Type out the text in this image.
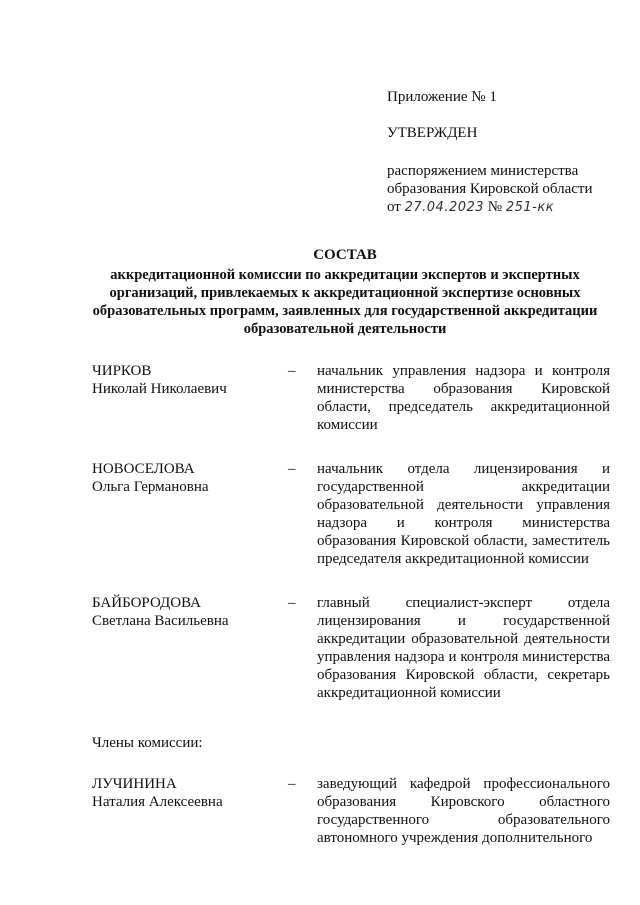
Приложение № 1
УТВЕРЖДЕН
распоряжением министерства
образования Кировской области
от 27.04.2023 № 251-кк
СОСТАВ
аккредитационной комиссии по аккредитации экспертов и экспертных организаций, привлекаемых к аккредитационной экспертизе основных образовательных программ, заявленных для государственной аккредитации образовательной деятельности
ЧИРКОВ
Николай Николаевич
–	начальник управления надзора и контроля министерства образования Кировской области, председатель аккредитационной комиссии
НОВОСЕЛОВА
Ольга Германовна
–	начальник отдела лицензирования и государственной аккредитации образовательной деятельности управления надзора и контроля министерства образования Кировской области, заместитель председателя аккредитационной комиссии
БАЙБОРОДОВА
Светлана Васильевна
–	главный специалист-эксперт отдела лицензирования и государственной аккредитации образовательной деятельности управления надзора и контроля министерства образования Кировской области, секретарь аккредитационной комиссии
Члены комиссии:
ЛУЧИНИНА
Наталия Алексеевна
–	заведующий кафедрой профессионального образования Кировского областного государственного образовательного автономного учреждения дополнительного
